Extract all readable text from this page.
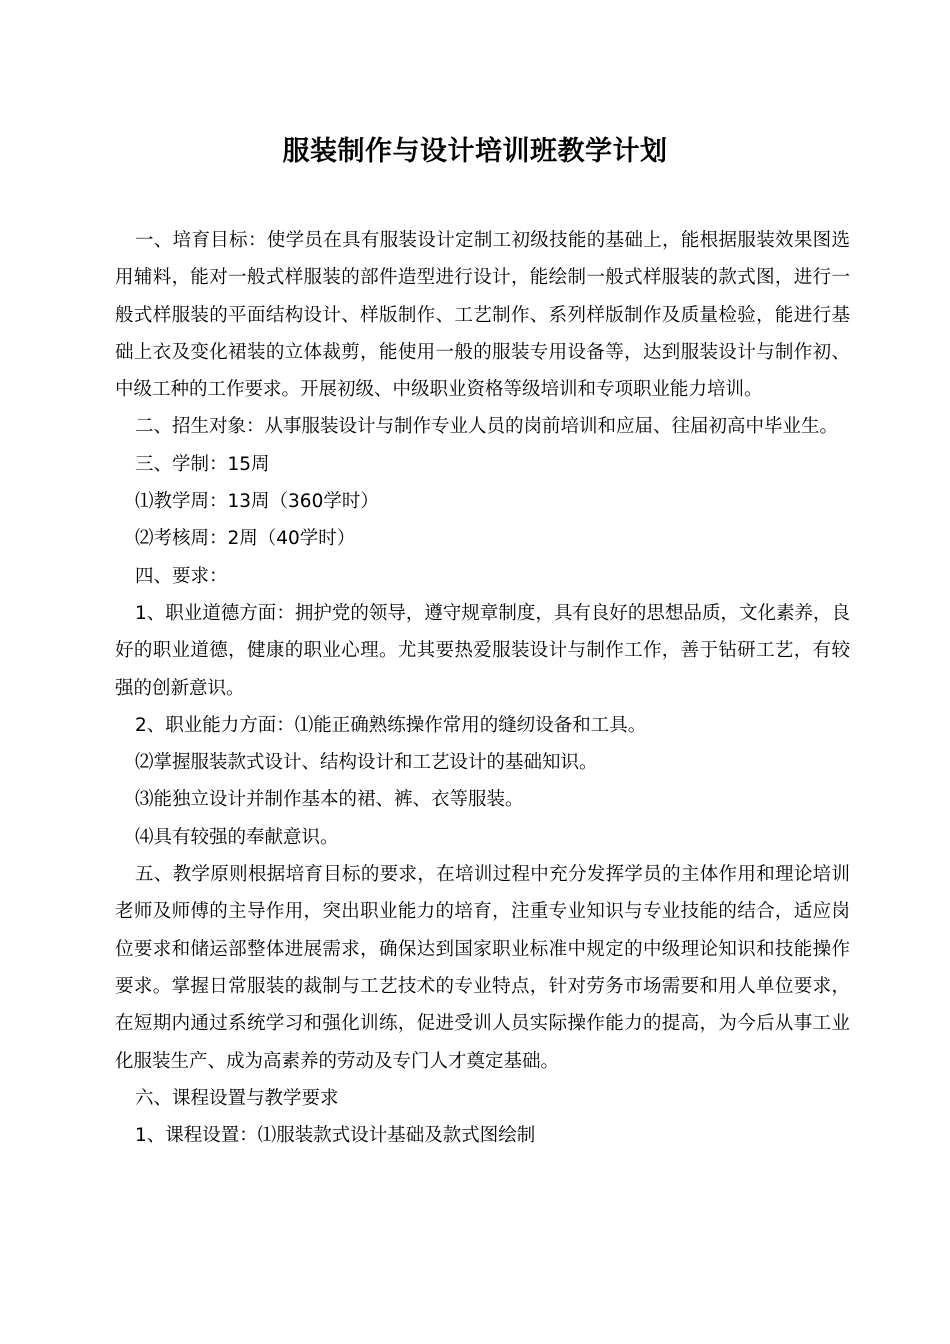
服装制作与设计培训班教学计划

一、培育目标：使学员在具有服装设计定制工初级技能的基础上，能根据服装效果图选用辅料，能对一般式样服装的部件造型进行设计，能绘制一般式样服装的款式图，进行一般式样服装的平面结构设计、样版制作、工艺制作、系列样版制作及质量检验，能进行基础上衣及变化裙装的立体裁剪，能使用一般的服装专用设备等，达到服装设计与制作初、中级工种的工作要求。开展初级、中级职业资格等级培训和专项职业能力培训。

二、招生对象：从事服装设计与制作专业人员的岗前培训和应届、往届初高中毕业生。

三、学制：15周

⑴教学周：13周（360学时）

⑵考核周：2周（40学时）

四、要求：

1、职业道德方面：拥护党的领导，遵守规章制度，具有良好的思想品质，文化素养，良好的职业道德，健康的职业心理。尤其要热爱服装设计与制作工作，善于钻研工艺，有较强的创新意识。

2、职业能力方面：⑴能正确熟练操作常用的缝纫设备和工具。

⑵掌握服装款式设计、结构设计和工艺设计的基础知识。

⑶能独立设计并制作基本的裙、裤、衣等服装。

⑷具有较强的奉献意识。

五、教学原则根据培育目标的要求，在培训过程中充分发挥学员的主体作用和理论培训老师及师傅的主导作用，突出职业能力的培育，注重专业知识与专业技能的结合，适应岗位要求和储运部整体进展需求，确保达到国家职业标准中规定的中级理论知识和技能操作要求。掌握日常服装的裁制与工艺技术的专业特点，针对劳务市场需要和用人单位要求，在短期内通过系统学习和强化训练，促进受训人员实际操作能力的提高，为今后从事工业化服装生产、成为高素养的劳动及专门人才奠定基础。

六、课程设置与教学要求

1、课程设置：⑴服装款式设计基础及款式图绘制
